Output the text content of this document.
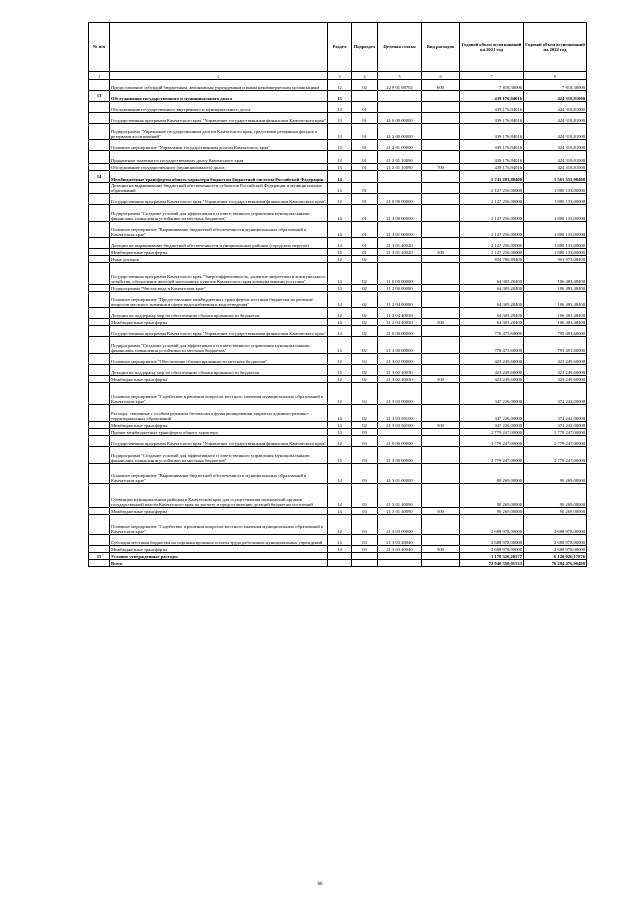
№ п/п		Раздел	Подраздел	Целевая статья	Вид расходов	Годовой объем ассигнований на 2021 год	Годовой объем ассигнований на 2022 год
1	2	3	4	5	6	7	8
	Предоставление субсидий бюджетным, автономным учреждениям и иным некоммерческим организациям	12	02	22 9 01 98702	600	7 818,30000	7 818,30000
13	Обслуживание государственного и муниципального долга	13				439 176,94016	424 318,81000
	Обслуживание государственного внутреннего и муниципального долга	13	01			439 176,94016	424 318,81000
	Государственная программа Камчатского края "Управление государственными финансами Камчатского края"	13	01	21 0 00 00000		439 176,94016	424 318,81000
	Подпрограмма "Управление государственным долгом Камчатского края, средствами резервных фондов и резервами ассигнований"	13	01	21 2 00 00000		439 176,94016	424 318,81000
	Основное мероприятие "Управление государственным долгом Камчатского края"	13	01	21 2 01 00000		439 176,94016	424 318,81000
	Процентные платежи по государственному долгу Камчатского края	13	01	21 2 01 10090		439 176,94016	424 318,81000
	Обслуживание государственного (муниципального) долга	13	01	21 2 01 10090	700	439 176,94016	424 318,81000
14	Межбюджетные трансферты общего характера бюджетам бюджетной системы Российской Федерации	14				5 741 283,80400	5 561 355,08400
	Дотации на выравнивание бюджетной обеспеченности субъектов Российской Федерации и муниципальных образований	14	01			2 127 256,00000	1 880 133,00000
	Государственная программа Камчатского края "Управление государственными финансами Камчатского края"	14	01	21 0 00 00000		2 127 256,00000	1 880 133,00000
	Подпрограмма "Создание условий для эффективного и ответственного управления муниципальными финансами, повышения устойчивости местных бюджетов"	14	01	21 3 00 00000		2 127 256,00000	1 880 133,00000
	Основное мероприятие "Выравнивание бюджетной обеспеченности муниципальных образований в Камчатском крае"	14	01	21 3 01 00000		2 127 256,00000	1 880 133,00000
	Дотации на выравнивание бюджетной обеспеченности муниципальных районов (городских округов)	14	01	21 3 01 40020		2 127 256,00000	1 880 133,00000
	Межбюджетные трансферты	14	01	21 3 01 40020	500	2 127 256,00000	1 880 133,00000
	Иные дотации	14	02			834 780,80400	901 975,08400
	Государственная программа Камчатского края "Энергоэффективность, развитие энергетики и коммунального хозяйства, обеспечение жителей населенных пунктов Камчатского края коммунальными услугами"	14	02	11 0 00 00000		64 305,20400	106 483,48400
	Подпрограмма "Чистая вода в Камчатском крае"	14	02	11 2 00 00000		64 305,20400	106 483,48400
	Основное мероприятие "Предоставление межбюджетных трансфертов местным бюджетам на решение вопросов местного значения в сфере водоснабжения и водоотведения"	14	02	11 2 04 00000		64 305,20400	106 483,48400
	Дотации на поддержку мер по обеспечению сбалансированности бюджетов	14	02	11 2 04 40030		64 305,20400	106 483,48400
	Межбюджетные трансферты	14	02	11 2 04 40030	500	64 305,20400	106 483,48400
	Государственная программа Камчатского края "Управление государственными финансами Камчатского края"	14	02	21 0 00 00000		770 475,60000	795 491,60000
	Подпрограмма "Создание условий для эффективного и ответственного управления муниципальными финансами, повышения устойчивости местных бюджетов"	14	02	21 3 00 00000		770 475,60000	795 491,60000
	Основное мероприятие "Обеспечение сбалансированности местных бюджетов"	14	02	21 3 02 00000		423 249,60000	423 249,60000
	Дотации на поддержку мер по обеспечению сбалансированности бюджетов	14	02	21 3 02 40030		423 249,60000	423 249,60000
	Межбюджетные трансферты	14	02	21 3 02 40030	500	423 249,60000	423 249,60000
	Основное мероприятие "Содействие в решении вопросов местного значения муниципальных образований в Камчатском крае"	14	02	21 3 03 00000		347 226,00000	372 242,00000
	Расходы, связанные с особым режимом безопасного функционирования закрытых административно-территориальных образований	14	02	21 3 03 50100		347 226,00000	372 242,00000
	Межбюджетные трансферты	14	02	21 3 03 50100	500	347 226,00000	372 242,00000
	Прочие межбюджетные трансферты общего характера	14	03			2 779 247,00000	2 779 247,00000
	Государственная программа Камчатского края "Управление государственными финансами Камчатского края"	14	03	21 0 00 00000		2 779 247,00000	2 779 247,00000
	Подпрограмма "Создание условий для эффективного и ответственного управления муниципальными финансами, повышения устойчивости местных бюджетов"	14	03	21 3 00 00000		2 779 247,00000	2 779 247,00000
	Основное мероприятие "Выравнивание бюджетной обеспеченности муниципальных образований в Камчатском крае"	14	03	21 3 01 00000		90 269,00000	90 269,00000
	Субвенции муниципальным районам в Камчатском крае для осуществления полномочий органов государственной власти Камчатского края по расчету и предоставлению дотаций бюджетам поселений	14	03	21 3 01 40090		90 269,00000	90 269,00000
	Межбюджетные трансферты	14	03	21 3 01 40090	500	90 269,00000	90 269,00000
	Основное мероприятие "Содействие в решении вопросов местного значения муниципальных образований в Камчатском крае"	14	03	21 3 03 00000		2 688 978,00000	2 688 978,00000
	Субсидии местным бюджетам на софинансирование оплаты труда работников муниципальных учреждений	14	03	21 3 03 40040		2 688 978,00000	2 688 978,00000
	Межбюджетные трансферты	14	03	21 3 03 40040	500	2 688 978,00000	2 688 978,00000
15	Условно утвержденные расходы					1 178 326,20577	6 120 026,17876
	Всего					72 940 350,01533	76 284 476,90499
66
